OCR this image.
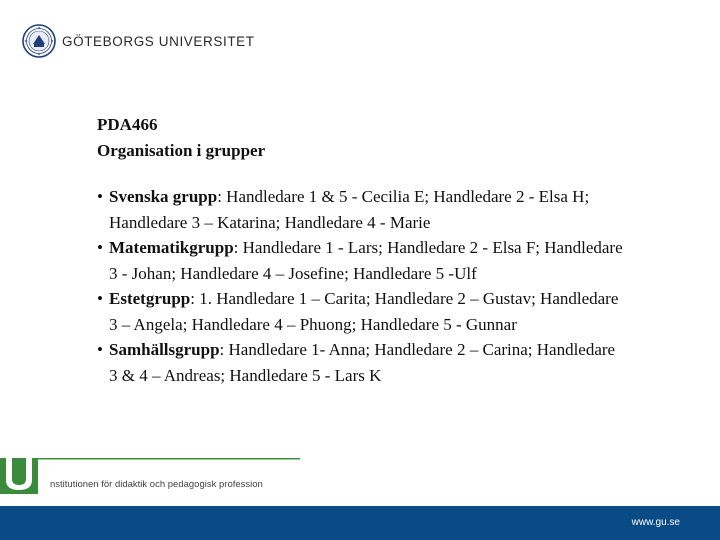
GÖTEBORGS UNIVERSITET
PDA466
Organisation i grupper
• Svenska grupp: Handledare 1 & 5 - Cecilia E; Handledare 2 - Elsa H; Handledare 3 – Katarina; Handledare 4 - Marie
• Matematikgrupp: Handledare 1 - Lars; Handledare 2 - Elsa F; Handledare 3 - Johan; Handledare 4 – Josefine; Handledare 5 -Ulf
• Estetgrupp: 1. Handledare 1 – Carita; Handledare 2 – Gustav; Handledare 3 – Angela; Handledare 4 – Phuong; Handledare 5 - Gunnar
• Samhällsgrupp: Handledare 1- Anna; Handledare 2 – Carina; Handledare 3 & 4 – Andreas; Handledare 5 - Lars K
nstitutionen för didaktik och pedagogisk profession
www.gu.se
